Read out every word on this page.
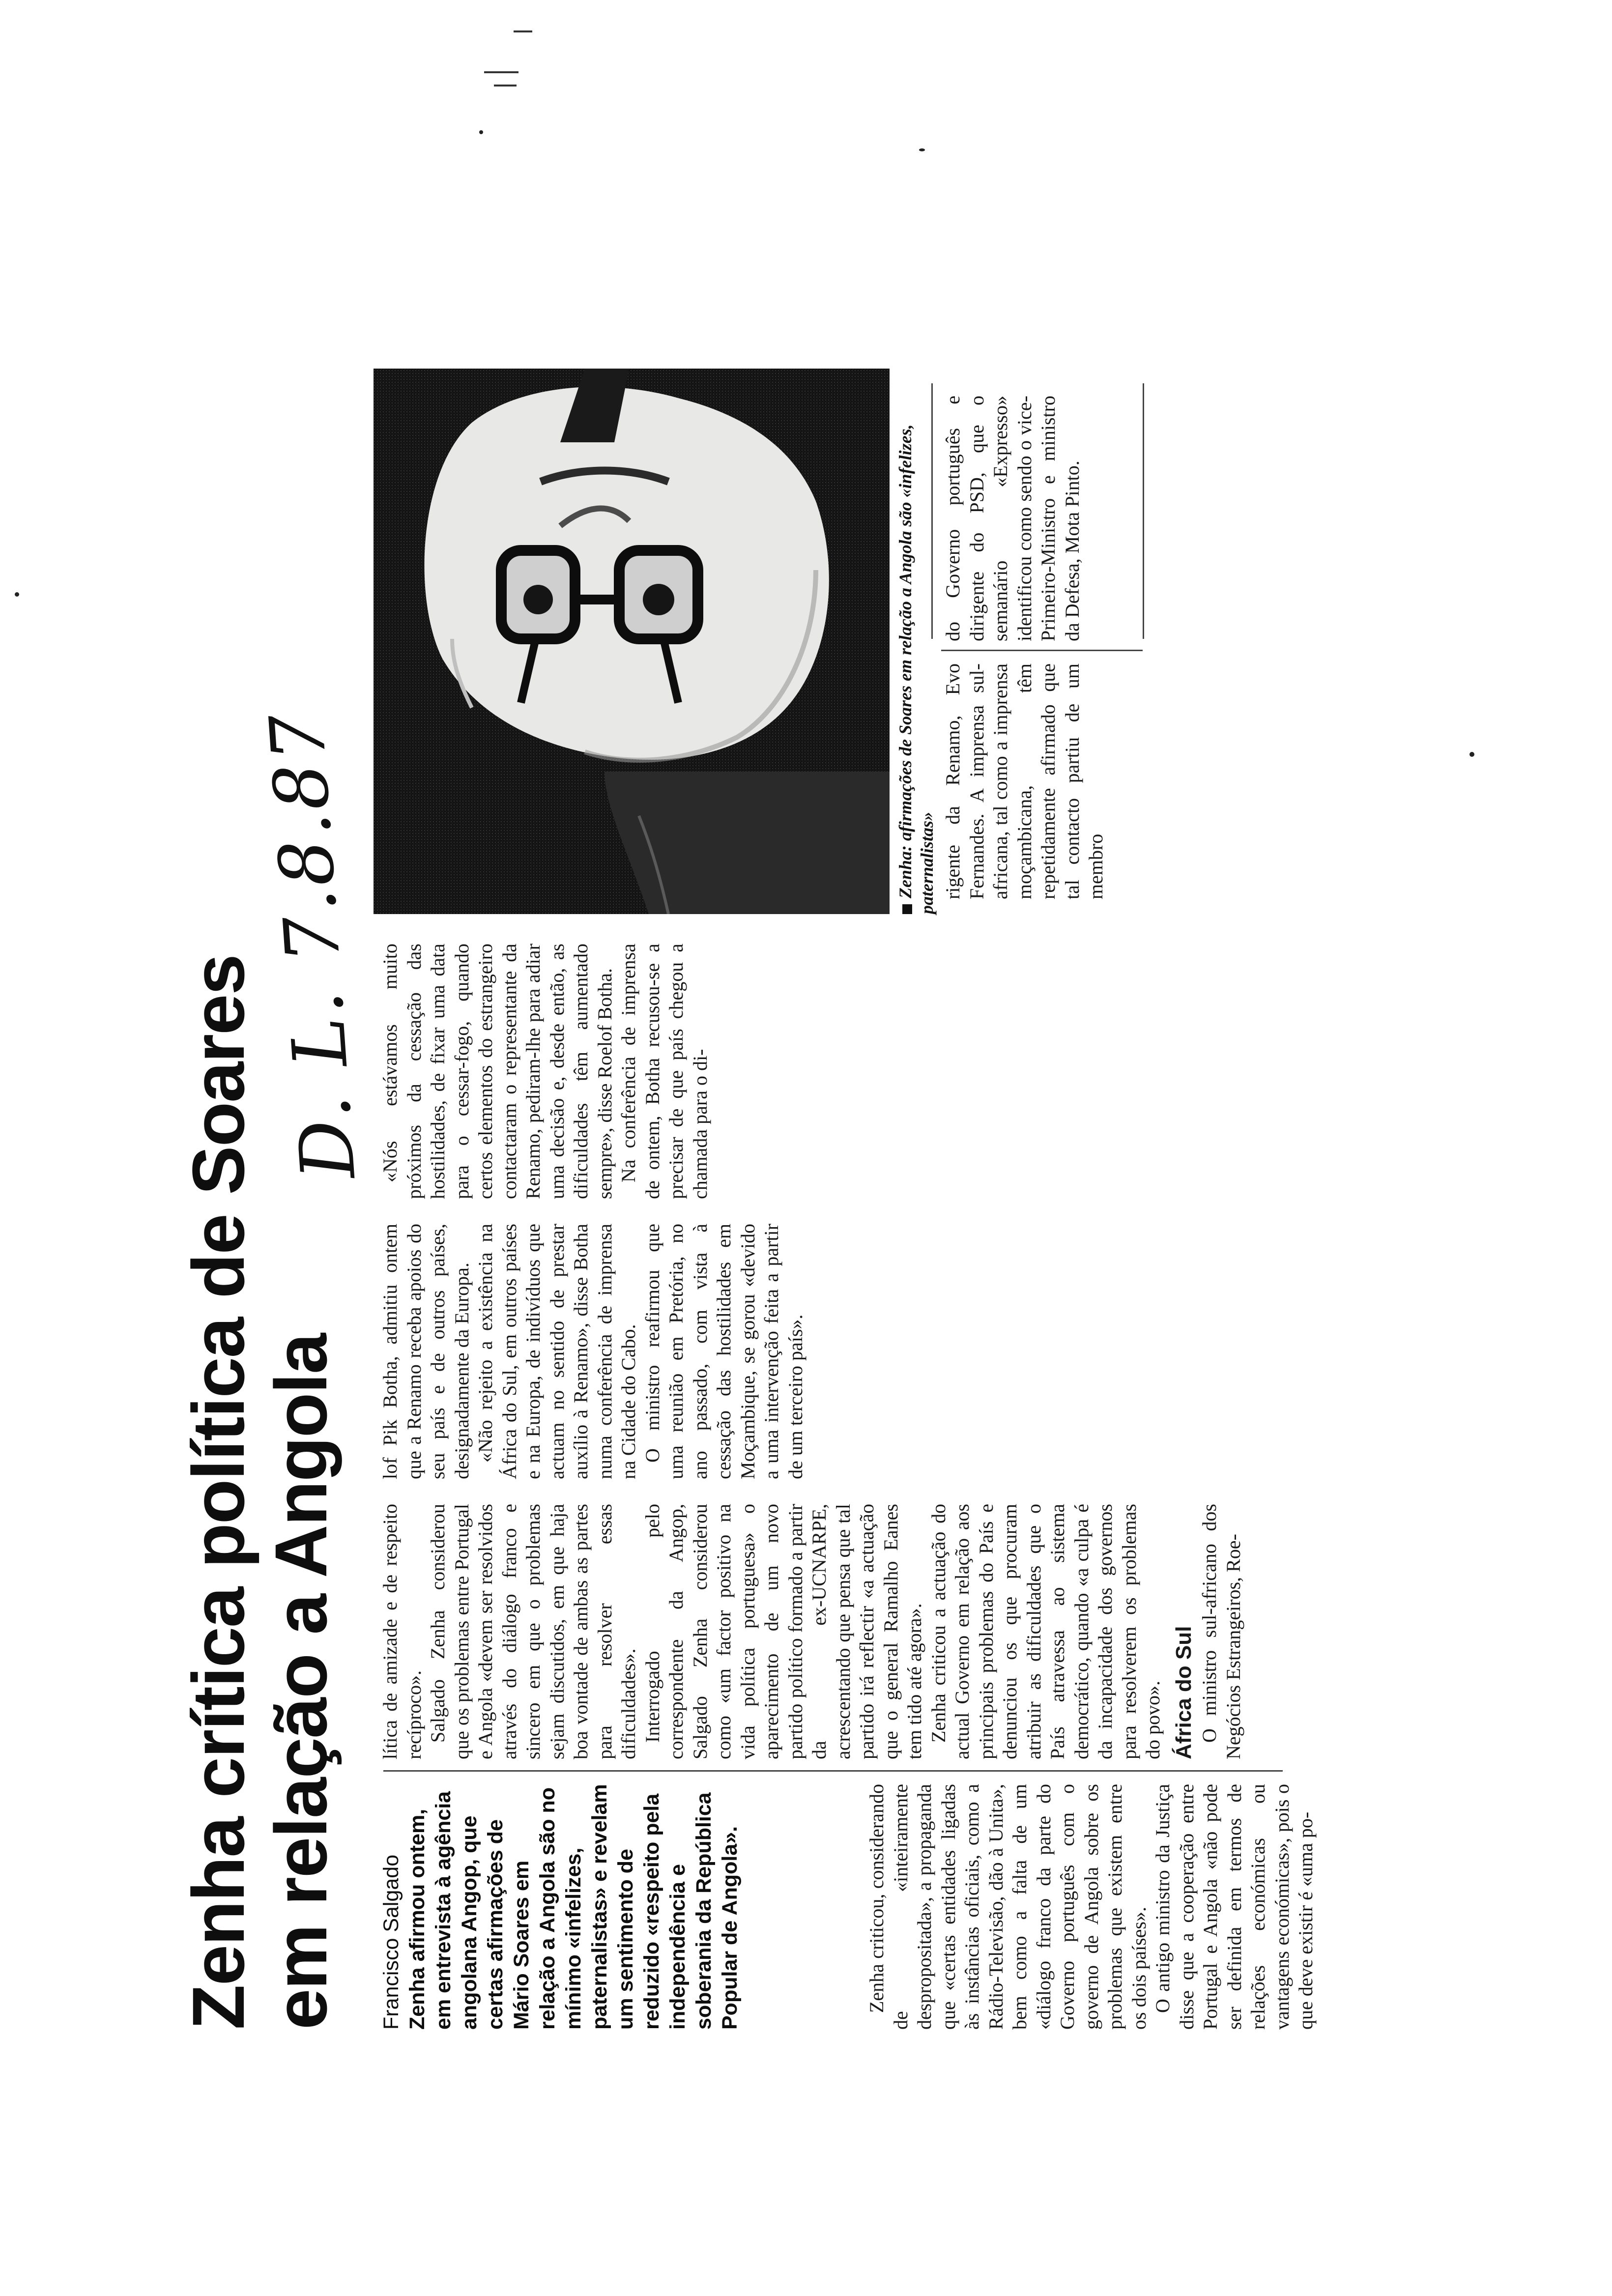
Zenha crítica política de Soares em relação a Angola
D. L. 7.8.87
Francisco Salgado Zenha afirmou ontem, em entrevista à agência angolana Angop, que certas afirmações de Mário Soares em relação a Angola são no mínimo «infelizes, paternalistas» e revelam um sentimento de reduzido «respeito pela independência e soberania da República Popular de Angola».	Zenha criticou, considerando de «inteiramente despropositada», a propaganda que «certas entidades ligadas às instâncias oficiais, como a Rádio-Televisão, dão à Unita», bem como a falta de um «diálogo franco da parte do Governo português com o governo de Angola sobre os problemas que existem entre os dois países». O antigo ministro da Justiça disse que a cooperação entre Portugal e Angola «não pode ser definida em termos de relações económicas ou vantagens económicas», pois o que deve existir é «uma po-

lítica de amizade e de respeito recíproco». Salgado Zenha considerou que os problemas entre Portugal e Angola «devem ser resolvidos através do diálogo franco e sincero em que o problemas sejam discutidos, em que haja boa vontade de ambas as partes para resolver essas dificuldades». Interrogado pelo correspondente da Angop, Salgado Zenha considerou como «um factor positivo na vida política portuguesa» o aparecimento de um novo partido político formado a partir da ex-UCNARPE, acrescentando que pensa que tal partido irá reflectir «a actuação que o general Ramalho Eanes tem tido até agora». Zenha criticou a actuação do actual Governo em relação aos principais problemas do País e denunciou os que procuram atribuir as dificuldades que o País atravessa ao sistema democrático, quando «a culpa é da incapacidade dos governos para resolverem os problemas do povo». África do Sul O ministro sul-africano dos Negócios Estrangeiros, Roe-

lof Pik Botha, admitiu ontem que a Renamo receba apoios do seu país e de outros países, designadamente da Europa. «Não rejeito a existência na África do Sul, em outros países e na Europa, de indivíduos que actuam no sentido de prestar auxílio à Renamo», disse Botha numa conferência de imprensa na Cidade do Cabo. O ministro reafirmou que uma reunião em Pretória, no ano passado, com vista à cessação das hostilidades em Moçambique, se gorou «devido a uma intervenção feita a partir de um terceiro país».

«Nós estávamos muito próximos da cessação das hostilidades, de fixar uma data para o cessar-fogo, quando certos elementos do estrangeiro contactaram o representante da Renamo, pediram-lhe para adiar uma decisão e, desde então, as dificuldades têm aumentado sempre», disse Roelof Botha. Na conferência de imprensa de ontem, Botha recusou-se a precisar de que país chegou a chamada para o di-

Zenha: afirmações de Soares em relação a Angola são «infelizes, paternalistas» rigente da Renamo, Evo Fernandes. A imprensa sul-africana, tal como a imprensa moçambicana, têm repetidamente afirmado que tal contacto partiu de um membro

do Governo português e dirigente do PSD, que o semanário «Expresso» identificou como sendo o vice-Primeiro-Ministro e ministro da Defesa, Mota Pinto.
